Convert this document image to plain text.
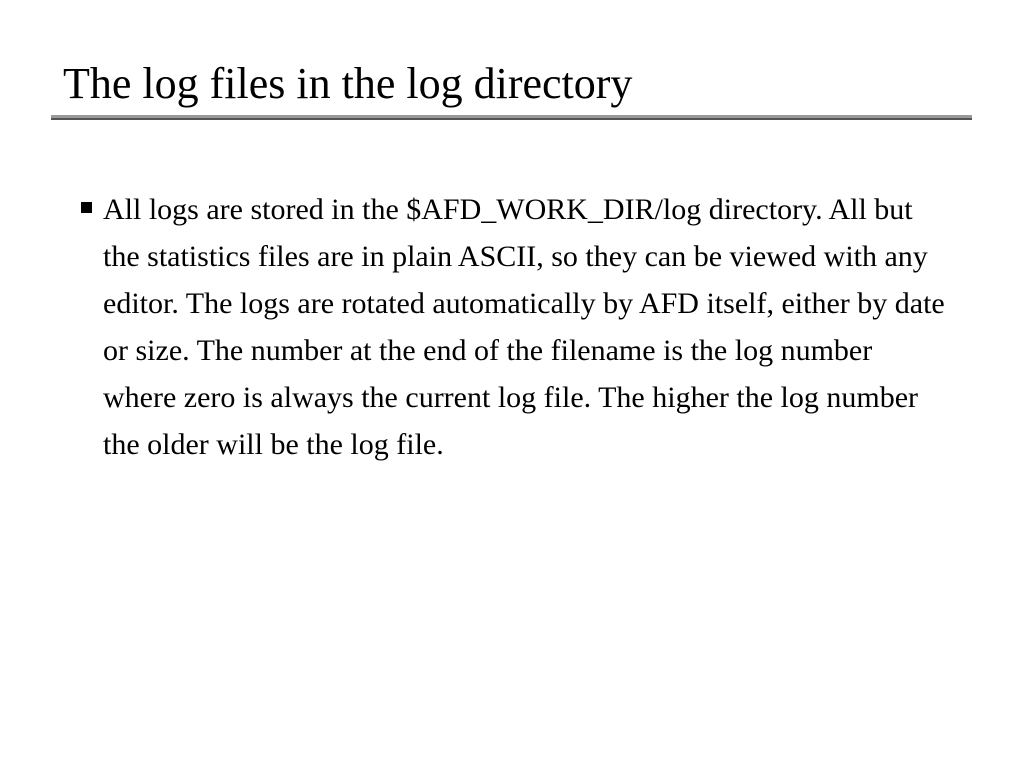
The log files in the log directory
All logs are stored in the $AFD_WORK_DIR/log directory. All but the statistics files are in plain ASCII, so they can be viewed with any editor. The logs are rotated automatically by AFD itself, either by date or size. The number at the end of the filename is the log number where zero is always the current log file. The higher the log number the older will be the log file.
